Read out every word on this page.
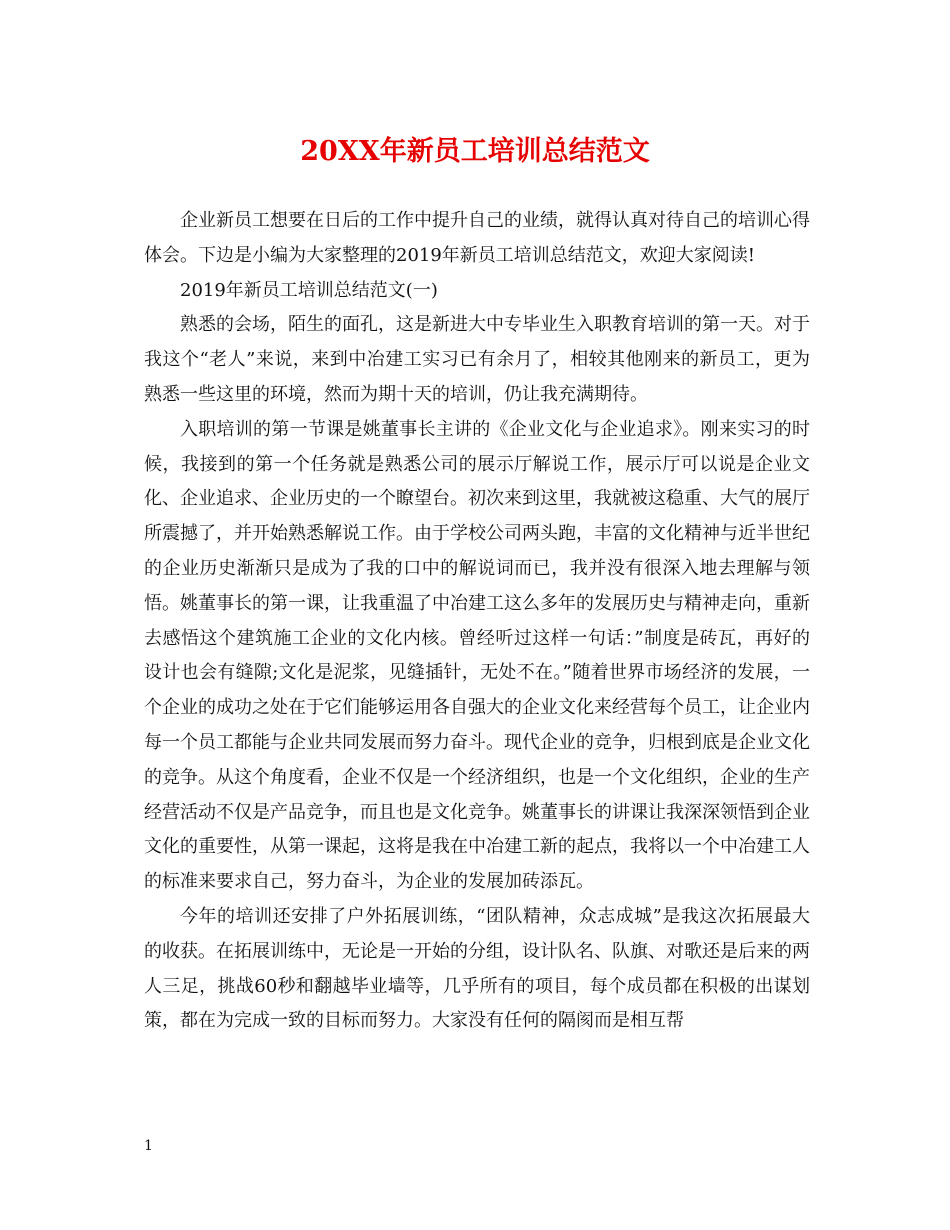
20XX年新员工培训总结范文

企业新员工想要在日后的工作中提升自己的业绩，就得认真对待自己的培训心得体会。下边是小编为大家整理的2019年新员工培训总结范文，欢迎大家阅读!

2019年新员工培训总结范文(一)

熟悉的会场，陌生的面孔，这是新进大中专毕业生入职教育培训的第一天。对于我这个“老人”来说，来到中冶建工实习已有余月了，相较其他刚来的新员工，更为熟悉一些这里的环境，然而为期十天的培训，仍让我充满期待。

入职培训的第一节课是姚董事长主讲的《企业文化与企业追求》。刚来实习的时候，我接到的第一个任务就是熟悉公司的展示厅解说工作，展示厅可以说是企业文化、企业追求、企业历史的一个瞭望台。初次来到这里，我就被这稳重、大气的展厅所震撼了，并开始熟悉解说工作。由于学校公司两头跑，丰富的文化精神与近半世纪的企业历史渐渐只是成为了我的口中的解说词而已，我并没有很深入地去理解与领悟。姚董事长的第一课，让我重温了中冶建工这么多年的发展历史与精神走向，重新去感悟这个建筑施工企业的文化内核。曾经听过这样一句话：”制度是砖瓦，再好的设计也会有缝隙;文化是泥浆，见缝插针，无处不在。”随着世界市场经济的发展，一个企业的成功之处在于它们能够运用各自强大的企业文化来经营每个员工，让企业内每一个员工都能与企业共同发展而努力奋斗。现代企业的竞争，归根到底是企业文化的竞争。从这个角度看，企业不仅是一个经济组织，也是一个文化组织，企业的生产经营活动不仅是产品竞争，而且也是文化竞争。姚董事长的讲课让我深深领悟到企业文化的重要性，从第一课起，这将是我在中冶建工新的起点，我将以一个中冶建工人的标准来要求自己，努力奋斗，为企业的发展加砖添瓦。

今年的培训还安排了户外拓展训练，“团队精神，众志成城”是我这次拓展最大的收获。在拓展训练中，无论是一开始的分组，设计队名、队旗、对歌还是后来的两人三足，挑战60秒和翻越毕业墙等，几乎所有的项目，每个成员都在积极的出谋划策，都在为完成一致的目标而努力。大家没有任何的隔阂而是相互帮

1
